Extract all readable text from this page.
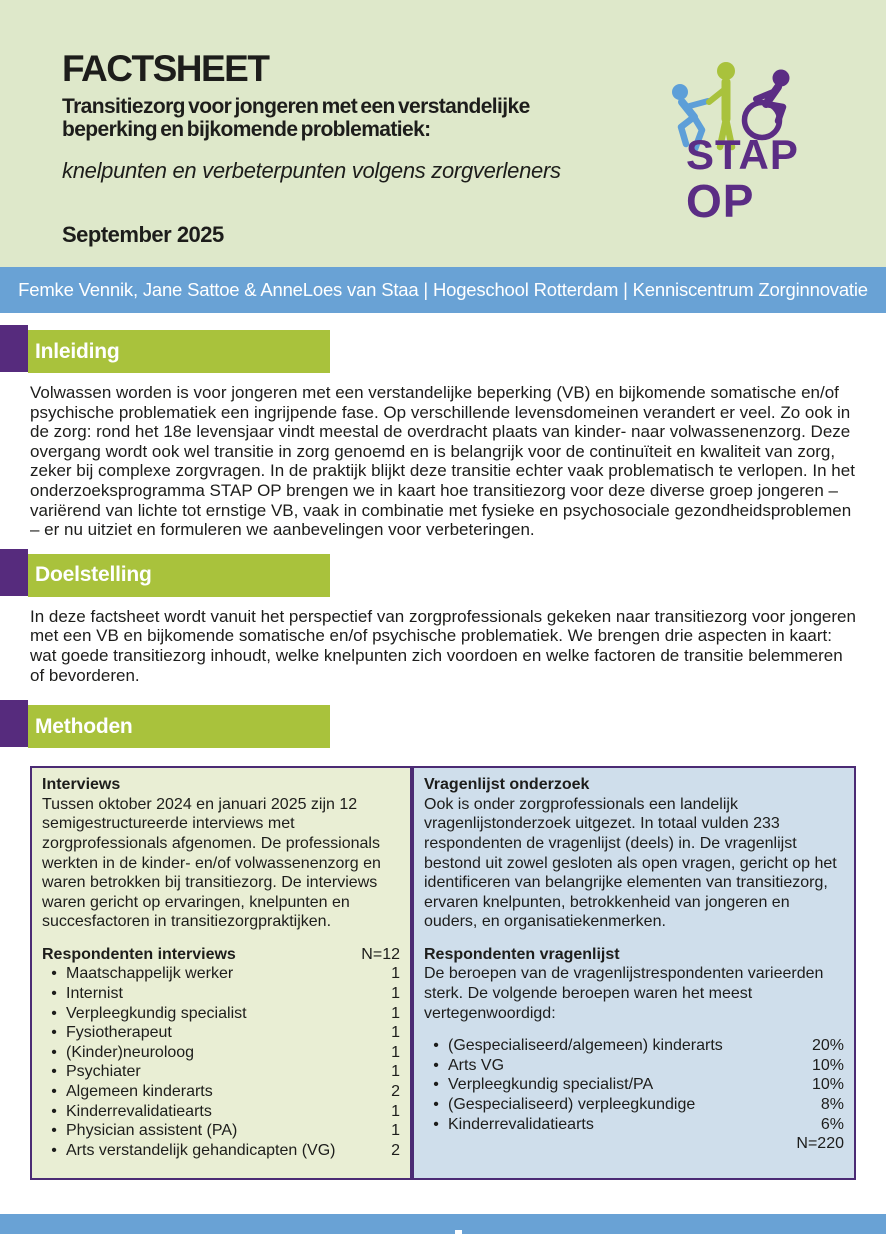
FACTSHEET
Transitiezorg voor jongeren met een verstandelijke beperking en bijkomende problematiek:
knelpunten en verbeterpunten volgens zorgverleners
September 2025
STAP
OP
Femke Vennik, Jane Sattoe & AnneLoes van Staa | Hogeschool Rotterdam | Kenniscentrum Zorginnovatie
Inleiding
Volwassen worden is voor jongeren met een verstandelijke beperking (VB) en bijkomende somatische en/of psychische problematiek een ingrijpende fase. Op verschillende levensdomeinen verandert er veel. Zo ook in de zorg: rond het 18e levensjaar vindt meestal de overdracht plaats van kinder- naar volwassenenzorg. Deze overgang wordt ook wel transitie in zorg genoemd en is belangrijk voor de continuïteit en kwaliteit van zorg, zeker bij complexe zorgvragen. In de praktijk blijkt deze transitie echter vaak problematisch te verlopen. In het onderzoeksprogramma STAP OP brengen we in kaart hoe transitiezorg voor deze diverse groep jongeren – variërend van lichte tot ernstige VB, vaak in combinatie met fysieke en psychosociale gezondheidsproblemen – er nu uitziet en formuleren we aanbevelingen voor verbeteringen.
Doelstelling
In deze factsheet wordt vanuit het perspectief van zorgprofessionals gekeken naar transitiezorg voor jongeren met een VB en bijkomende somatische en/of psychische problematiek. We brengen drie aspecten in kaart: wat goede transitiezorg inhoudt, welke knelpunten zich voordoen en welke factoren de transitie belemmeren of bevorderen.
Methoden
Interviews
Tussen oktober 2024 en januari 2025 zijn 12 semigestructureerde interviews met zorgprofessionals afgenomen. De professionals werkten in de kinder- en/of volwassenenzorg en waren betrokken bij transitiezorg. De interviews waren gericht op ervaringen, knelpunten en succesfactoren in transitiezorgpraktijken.
Respondenten interviews	N=12
• Maatschappelijk werker	1
• Internist	1
• Verpleegkundig specialist	1
• Fysiotherapeut	1
• (Kinder)neuroloog	1
• Psychiater	1
• Algemeen kinderarts	2
• Kinderrevalidatiearts	1
• Physician assistent (PA)	1
• Arts verstandelijk gehandicapten (VG)	2
Vragenlijst onderzoek
Ook is onder zorgprofessionals een landelijk vragenlijstonderzoek uitgezet. In totaal vulden 233 respondenten de vragenlijst (deels) in. De vragenlijst bestond uit zowel gesloten als open vragen, gericht op het identificeren van belangrijke elementen van transitiezorg, ervaren knelpunten, betrokkenheid van jongeren en ouders, en organisatiekenmerken.
Respondenten vragenlijst
De beroepen van de vragenlijstrespondenten varieerden sterk. De volgende beroepen waren het meest vertegenwoordigd:
• (Gespecialiseerd/algemeen) kinderarts	20%
• Arts VG	10%
• Verpleegkundig specialist/PA	10%
• (Gespecialiseerd) verpleegkundige	8%
• Kinderrevalidatiearts	6%
N=220
